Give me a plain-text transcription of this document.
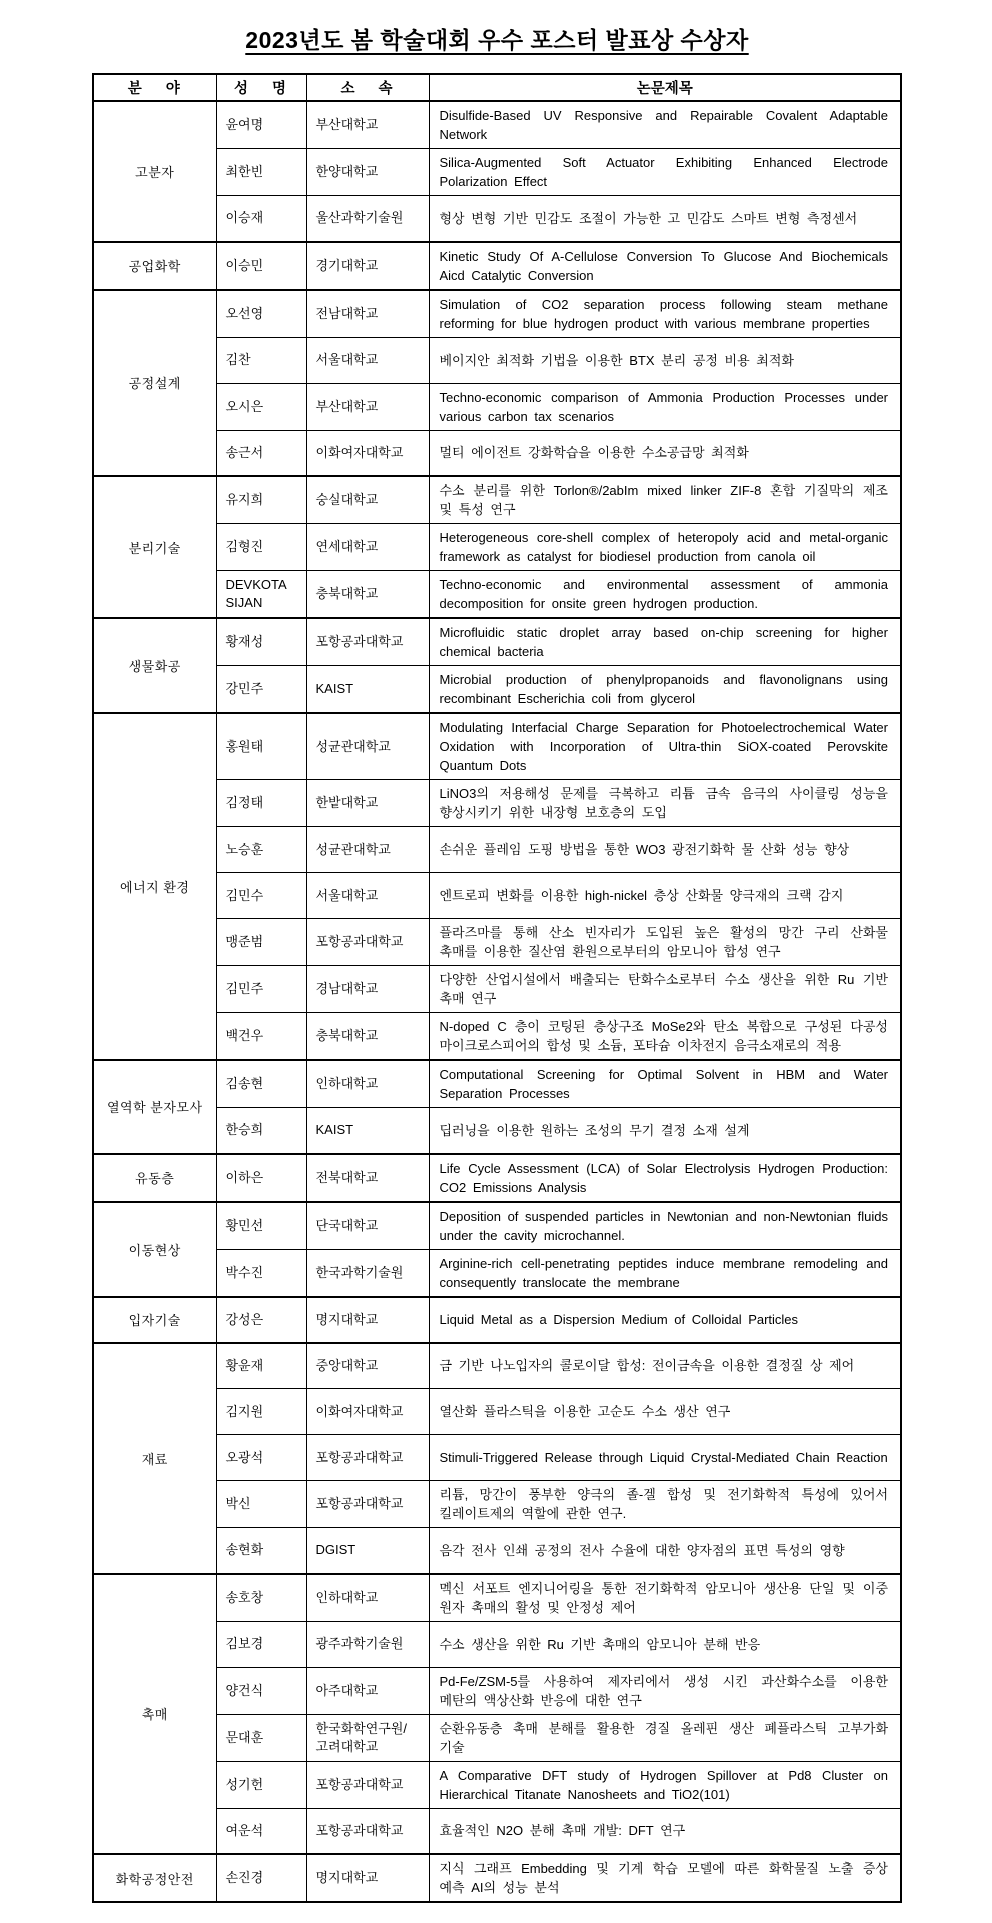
2023년도 봄 학술대회 우수 포스터 발표상 수상자
분 야	성 명	소 속	논문제목
고분자	윤여명	부산대학교	Disulfide-Based UV Responsive and Repairable Covalent Adaptable Network
	최한빈	한양대학교	Silica-Augmented Soft Actuator Exhibiting Enhanced Electrode Polarization Effect
	이승재	울산과학기술원	형상 변형 기반 민감도 조절이 가능한 고 민감도 스마트 변형 측정센서
공업화학	이승민	경기대학교	Kinetic Study Of A-Cellulose Conversion To Glucose And Biochemicals Aicd Catalytic Conversion
공정설계	오선영	전남대학교	Simulation of CO2 separation process following steam methane reforming for blue hydrogen product with various membrane properties
	김찬	서울대학교	베이지안 최적화 기법을 이용한 BTX 분리 공정 비용 최적화
	오시은	부산대학교	Techno-economic comparison of Ammonia Production Processes under various carbon tax scenarios
	송근서	이화여자대학교	멀티 에이전트 강화학습을 이용한 수소공급망 최적화
분리기술	유지희	숭실대학교	수소 분리를 위한 Torlon®/2abIm mixed linker ZIF-8 혼합 기질막의 제조 및 특성 연구
	김형진	연세대학교	Heterogeneous core-shell complex of heteropoly acid and metal-organic framework as catalyst for biodiesel production from canola oil
	DEVKOTA SIJAN	충북대학교	Techno-economic and environmental assessment of ammonia decomposition for onsite green hydrogen production.
생물화공	황재성	포항공과대학교	Microfluidic static droplet array based on-chip screening for higher chemical bacteria
	강민주	KAIST	Microbial production of phenylpropanoids and flavonolignans using recombinant Escherichia coli from glycerol
에너지 환경	홍원태	성균관대학교	Modulating Interfacial Charge Separation for Photoelectrochemical Water Oxidation with Incorporation of Ultra-thin SiOX-coated Perovskite Quantum Dots
	김정태	한밭대학교	LiNO3의 저용해성 문제를 극복하고 리튬 금속 음극의 사이클링 성능을 향상시키기 위한 내장형 보호층의 도입
	노승훈	성균관대학교	손쉬운 플레임 도핑 방법을 통한 WO3 광전기화학 물 산화 성능 향상
	김민수	서울대학교	엔트로피 변화를 이용한 high-nickel 층상 산화물 양극재의 크랙 감지
	맹준범	포항공과대학교	플라즈마를 통해 산소 빈자리가 도입된 높은 활성의 망간 구리 산화물 촉매를 이용한 질산염 환원으로부터의 암모니아 합성 연구
	김민주	경남대학교	다양한 산업시설에서 배출되는 탄화수소로부터 수소 생산을 위한 Ru 기반 촉매 연구
	백건우	충북대학교	N-doped C 층이 코팅된 층상구조 MoSe2와 탄소 복합으로 구성된 다공성 마이크로스피어의 합성 및 소듐, 포타슘 이차전지 음극소재로의 적용
열역학 분자모사	김송현	인하대학교	Computational Screening for Optimal Solvent in HBM and Water Separation Processes
	한승희	KAIST	딥러닝을 이용한 원하는 조성의 무기 결정 소재 설계
유동층	이하은	전북대학교	Life Cycle Assessment (LCA) of Solar Electrolysis Hydrogen Production: CO2 Emissions Analysis
이동현상	황민선	단국대학교	Deposition of suspended particles in Newtonian and non-Newtonian fluids under the cavity microchannel.
	박수진	한국과학기술원	Arginine-rich cell-penetrating peptides induce membrane remodeling and consequently translocate the membrane
입자기술	강성은	명지대학교	Liquid Metal as a Dispersion Medium of Colloidal Particles
재료	황윤재	중앙대학교	금 기반 나노입자의 콜로이달 합성: 전이금속을 이용한 결정질 상 제어
	김지원	이화여자대학교	열산화 플라스틱을 이용한 고순도 수소 생산 연구
	오광석	포항공과대학교	Stimuli-Triggered Release through Liquid Crystal-Mediated Chain Reaction
	박신	포항공과대학교	리튬, 망간이 풍부한 양극의 졸-겔 합성 및 전기화학적 특성에 있어서 킬레이트제의 역할에 관한 연구.
	송현화	DGIST	음각 전사 인쇄 공정의 전사 수율에 대한 양자점의 표면 특성의 영향
촉매	송호창	인하대학교	멕신 서포트 엔지니어링을 통한 전기화학적 암모니아 생산용 단일 및 이중 원자 촉매의 활성 및 안정성 제어
	김보경	광주과학기술원	수소 생산을 위한 Ru 기반 촉매의 암모니아 분해 반응
	양건식	아주대학교	Pd-Fe/ZSM-5를 사용하여 제자리에서 생성 시킨 과산화수소를 이용한 메탄의 액상산화 반응에 대한 연구
	문대훈	한국화학연구원/ 고려대학교	순환유동층 촉매 분해를 활용한 경질 올레핀 생산 폐플라스틱 고부가화 기술
	성기헌	포항공과대학교	A Comparative DFT study of Hydrogen Spillover at Pd8 Cluster on Hierarchical Titanate Nanosheets and TiO2(101)
	여운석	포항공과대학교	효율적인 N2O 분해 촉매 개발: DFT 연구
화학공정안전	손진경	명지대학교	지식 그래프 Embedding 및 기계 학습 모델에 따른 화학물질 노출 증상 예측 AI의 성능 분석
